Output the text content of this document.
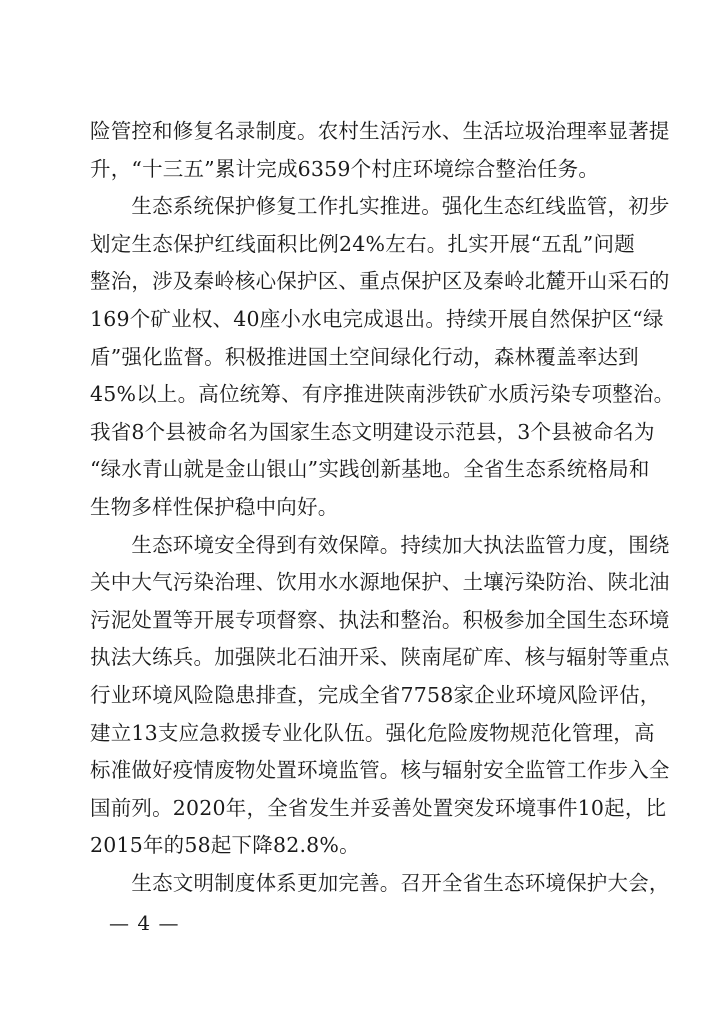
险管控和修复名录制度。农村生活污水、生活垃圾治理率显著提
升，“十三五”累计完成6359个村庄环境综合整治任务。
　　生态系统保护修复工作扎实推进。强化生态红线监管，初步
划定生态保护红线面积比例24%左右。扎实开展“五乱”问题
整治，涉及秦岭核心保护区、重点保护区及秦岭北麓开山采石的
169个矿业权、40座小水电完成退出。持续开展自然保护区“绿
盾”强化监督。积极推进国土空间绿化行动，森林覆盖率达到
45%以上。高位统筹、有序推进陕南涉铁矿水质污染专项整治。
我省8个县被命名为国家生态文明建设示范县，3个县被命名为
“绿水青山就是金山银山”实践创新基地。全省生态系统格局和
生物多样性保护稳中向好。
　　生态环境安全得到有效保障。持续加大执法监管力度，围绕
关中大气污染治理、饮用水水源地保护、土壤污染防治、陕北油
污泥处置等开展专项督察、执法和整治。积极参加全国生态环境
执法大练兵。加强陕北石油开采、陕南尾矿库、核与辐射等重点
行业环境风险隐患排查，完成全省7758家企业环境风险评估，
建立13支应急救援专业化队伍。强化危险废物规范化管理，高
标准做好疫情废物处置环境监管。核与辐射安全监管工作步入全
国前列。2020年，全省发生并妥善处置突发环境事件10起，比
2015年的58起下降82.8%。
　　生态文明制度体系更加完善。召开全省生态环境保护大会，
— 4 —
